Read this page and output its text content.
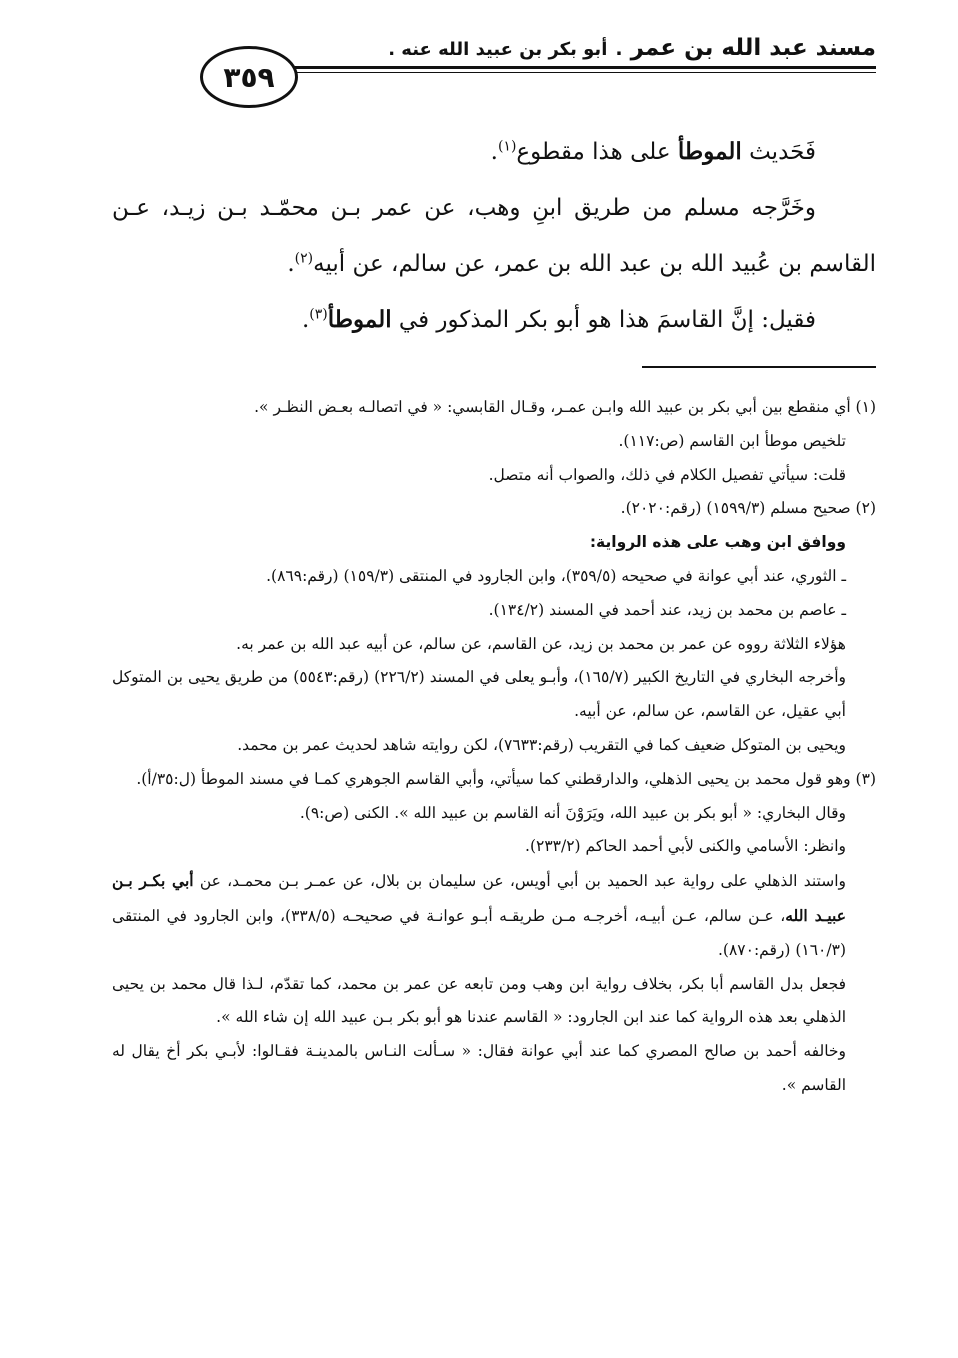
مسند عبد الله بن عمر . أبو بكر بن عبيد الله عنه .
٣٥٩

فَحَديث الموطأ على هذا مقطوع$^{(١)}$.

وخَرَّجه مسلم من طريق ابنِ وهب، عن عمر بـن محمّـد بـن زيـد، عـن القاسم بن عُبيد الله بن عبد الله بن عمر، عن سالم، عن أبيه$^{(٢)}$.

فقيل: إنَّ القاسمَ هذا هو أبو بكر المذكور في الموطأ$^{(٣)}$.

(١) أي منقطع بين أبي بكر بن عبيد الله وابـن عمـر، وقـال القابسي: « في اتصالـه بعـض النظـر ».

تلخيص موطأ ابن القاسم (ص:١١٧).

قلت: سيأتي تفصيل الكلام في ذلك، والصواب أنه متصل.

(٢) صحيح مسلم (١٥٩٩/٣) (رقم:٢٠٢٠).

ووافق ابن وهب على هذه الرواية:

ـ الثوري، عند أبي عوانة في صحيحه (٣٥٩/٥)، وابن الجارود في المنتقى (١٥٩/٣) (رقم:٨٦٩).

ـ عاصم بن محمد بن زيد، عند أحمد في المسند (١٣٤/٢).

هؤلاء الثلاثة رووه عن عمر بن محمد بن زيد، عن القاسم، عن سالم، عن أبيه عبد الله بن عمر به.

وأخرجه البخاري في التاريخ الكبير (١٦٥/٧)، وأبـو يعلى في المسند (٢٢٦/٢) (رقم:٥٥٤٣) من طريق يحيى بن المتوكل أبي عقيل، عن القاسم، عن سالم، عن أبيه.

ويحيى بن المتوكل ضعيف كما في التقريب (رقم:٧٦٣٣)، لكن روايته شاهد لحديث عمر بن محمد.

(٣) وهو قول محمد بن يحيى الذهلي، والدارقطني كما سيأتي، وأبي القاسم الجوهري كمـا في مسند الموطأ (ل:٣٥/أ).

وقال البخاري: « أبو بكر بن عبيد الله، ويَرَوْنَ أنه القاسم بن عبيد الله ». الكنى (ص:٩).

وانظر: الأسامي والكنى لأبي أحمد الحاكم (٢٣٣/٢).

واستند الذهلي على رواية عبد الحميد بن أبي أويس، عن سليمان بن بلال، عن عمـر بـن محمـد، عن أبي بكـر بـن عبيـد الله، عـن سالم، عـن أبيـه، أخرجـه مـن طريقـه أبـو عوانـة في صحيحـه (٣٣٨/٥)، وابن الجارود في المنتقى (١٦٠/٣) (رقم:٨٧٠).

فجعل بدل القاسم أبا بكر، بخلاف رواية ابن وهب ومن تابعه عن عمر بن محمد، كما تقدّم، لـذا قال محمد بن يحيى الذهلي بعد هذه الرواية كما عند ابن الجارود: « القاسم عندنا هو أبو بكر بـن عبيد الله إن شاء الله ».

وخالفه أحمد بن صالح المصري كما عند أبي عوانة فقال: « سـألت النـاس بالمدينـة فقـالوا: لأبـي بكر أخ يقال له القاسم ».
